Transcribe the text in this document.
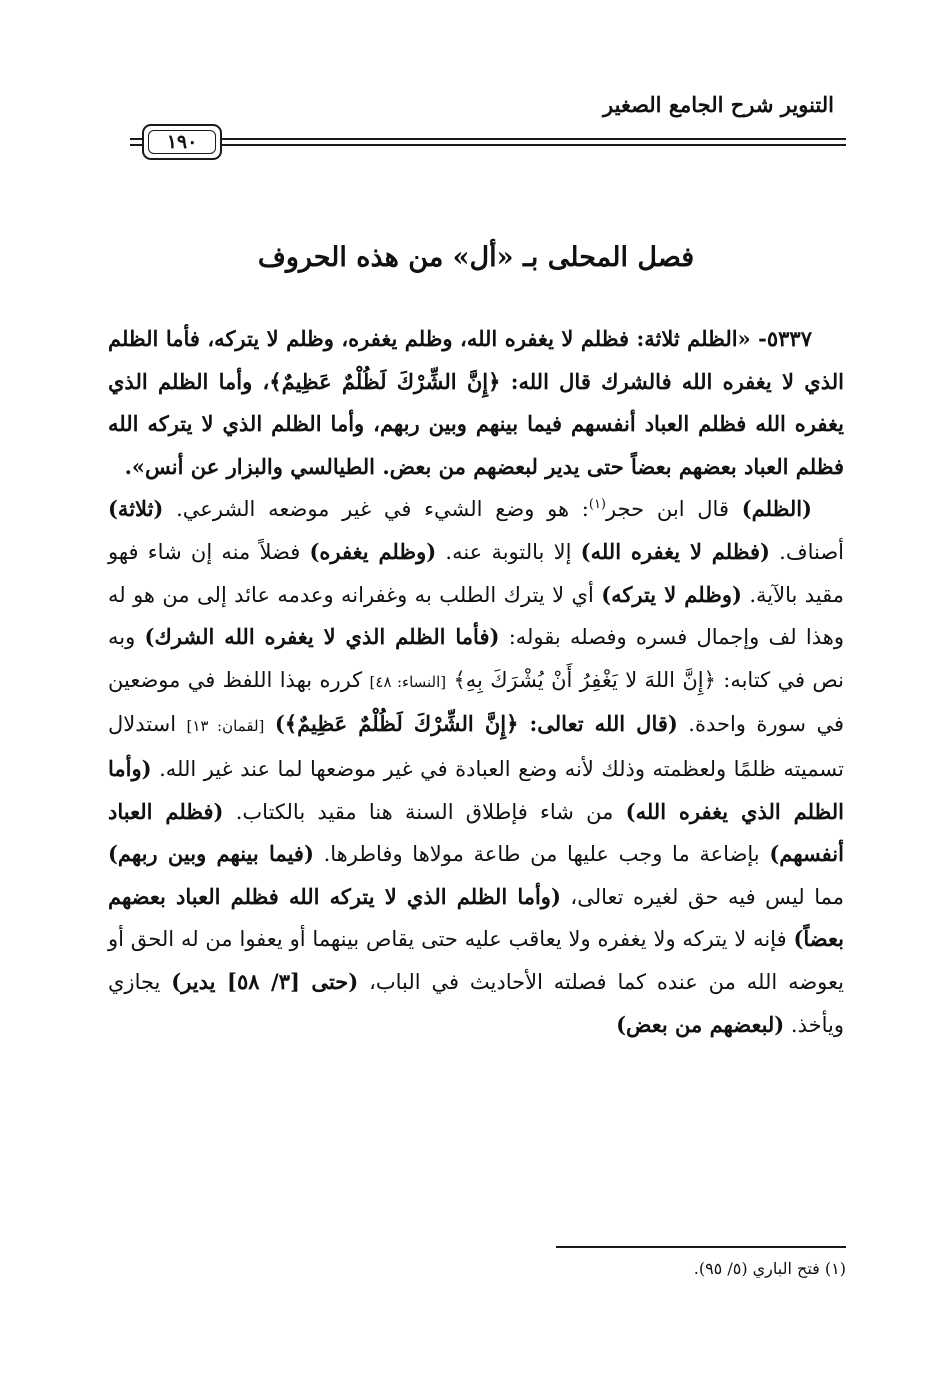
التنوير شرح الجامع الصغير
١٩٠
فصل المحلى بـ «أل» من هذه الحروف

٥٣٣٧- «الظلم ثلاثة: فظلم لا يغفره الله، وظلم يغفره، وظلم لا يتركه، فأما الظلم الذي لا يغفره الله فالشرك قال الله: ﴿إِنَّ الشِّرْكَ لَظُلْمٌ عَظِيمٌ﴾، وأما الظلم الذي يغفره الله فظلم العباد أنفسهم فيما بينهم وبين ربهم، وأما الظلم الذي لا يتركه الله فظلم العباد بعضهم بعضاً حتى يدير لبعضهم من بعض. الطيالسي والبزار عن أنس».

(الظلم) قال ابن حجر$^{(١)}$: هو وضع الشيء في غير موضعه الشرعي. (ثلاثة) أصناف. (فظلم لا يغفره الله) إلا بالتوبة عنه. (وظلم يغفره) فضلاً منه إن شاء فهو مقيد بالآية. (وظلم لا يتركه) أي لا يترك الطلب به وغفرانه وعدمه عائد إلى من هو له وهذا لف وإجمال فسره وفصله بقوله: (فأما الظلم الذي لا يغفره الله الشرك) وبه نص في كتابه: ﴿إِنَّ اللهَ لا يَغْفِرُ أَنْ يُشْرَكَ بِهِ﴾ [النساء: ٤٨] كرره بهذا اللفظ في موضعين في سورة واحدة. (قال الله تعالى: ﴿إِنَّ الشِّرْكَ لَظُلْمٌ عَظِيمٌ﴾) [لقمان: ١٣] استدلال تسميته ظلمًا ولعظمته وذلك لأنه وضع العبادة في غير موضعها لما عند غير الله. (وأما الظلم الذي يغفره الله) من شاء فإطلاق السنة هنا مقيد بالكتاب. (فظلم العباد أنفسهم) بإضاعة ما وجب عليها من طاعة مولاها وفاطرها. (فيما بينهم وبين ربهم) مما ليس فيه حق لغيره تعالى، (وأما الظلم الذي لا يتركه الله فظلم العباد بعضهم بعضاً) فإنه لا يتركه ولا يغفره ولا يعاقب عليه حتى يقاص بينهما أو يعفوا من له الحق أو يعوضه الله من عنده كما فصلته الأحاديث في الباب، (حتى [٣/ ٥٨] يدير) يجازي ويأخذ. (لبعضهم من بعض)

(١) فتح الباري (٥/ ٩٥).
